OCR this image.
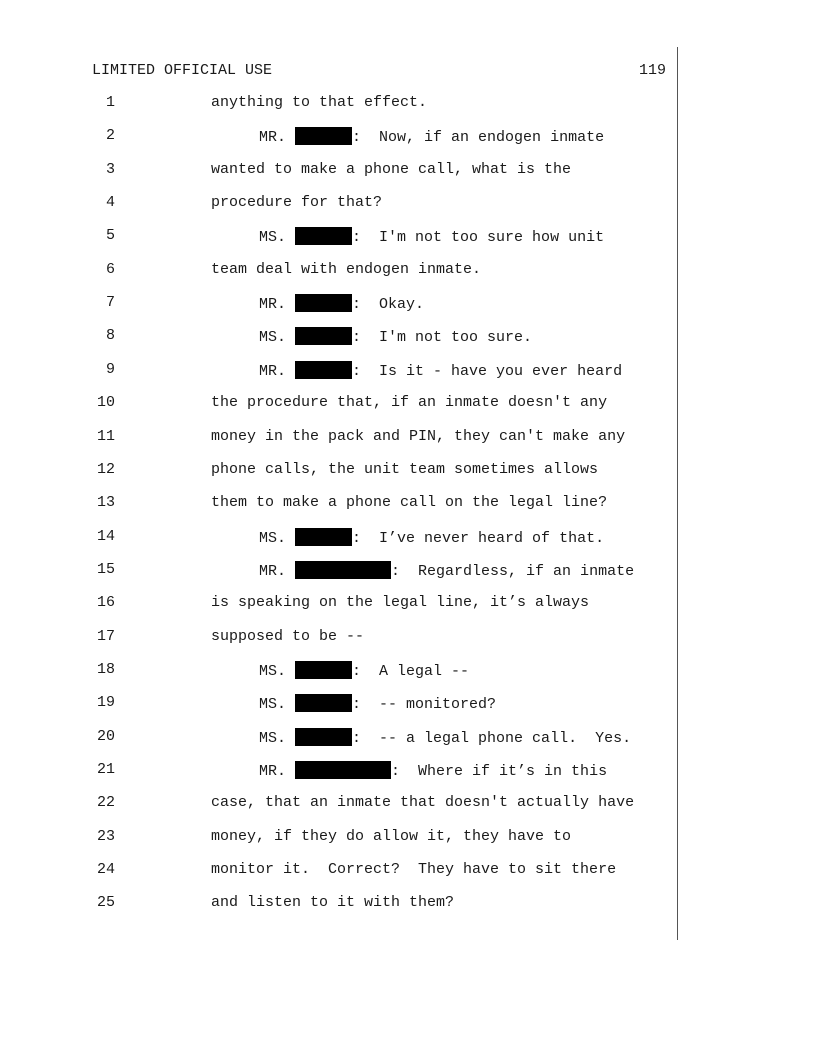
LIMITED OFFICIAL USE	119
1	anything to that effect.
2	MR.	:  Now, if an endogen inmate
3	wanted to make a phone call, what is the
4	procedure for that?
5	MS.	:  I'm not too sure how unit
6	team deal with endogen inmate.
7	MR.	:  Okay.
8	MS.	:  I'm not too sure.
9	MR.	:  Is it - have you ever heard
10	the procedure that, if an inmate doesn't any
11	money in the pack and PIN, they can't make any
12	phone calls, the unit team sometimes allows
13	them to make a phone call on the legal line?
14	MS.	:  I’ve never heard of that.
15	MR.	:  Regardless, if an inmate
16	is speaking on the legal line, it’s always
17	supposed to be --
18	MS.	:  A legal --
19	MS.	:  -- monitored?
20	MS.	:  -- a legal phone call.  Yes.
21	MR.	:  Where if it’s in this
22	case, that an inmate that doesn't actually have
23	money, if they do allow it, they have to
24	monitor it.  Correct?  They have to sit there
25	and listen to it with them?
